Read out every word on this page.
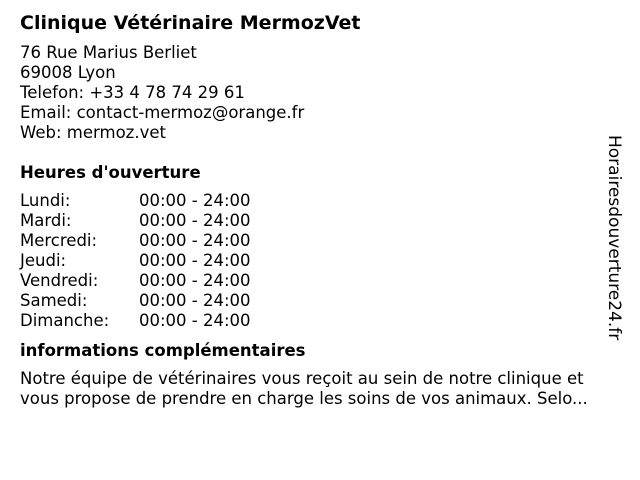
Clinique Vétérinaire MermozVet
76 Rue Marius Berliet
69008 Lyon
Telefon: +33 4 78 74 29 61
Email: contact-mermoz@orange.fr
Web: mermoz.vet
Heures d'ouverture
Lundi:	00:00 - 24:00
Mardi:	00:00 - 24:00
Mercredi:	00:00 - 24:00
Jeudi:	00:00 - 24:00
Vendredi:	00:00 - 24:00
Samedi:	00:00 - 24:00
Dimanche:	00:00 - 24:00
informations complémentaires
Notre équipe de vétérinaires vous reçoit au sein de notre clinique et
vous propose de prendre en charge les soins de vos animaux. Selo...
Horairesdouverture24.fr
